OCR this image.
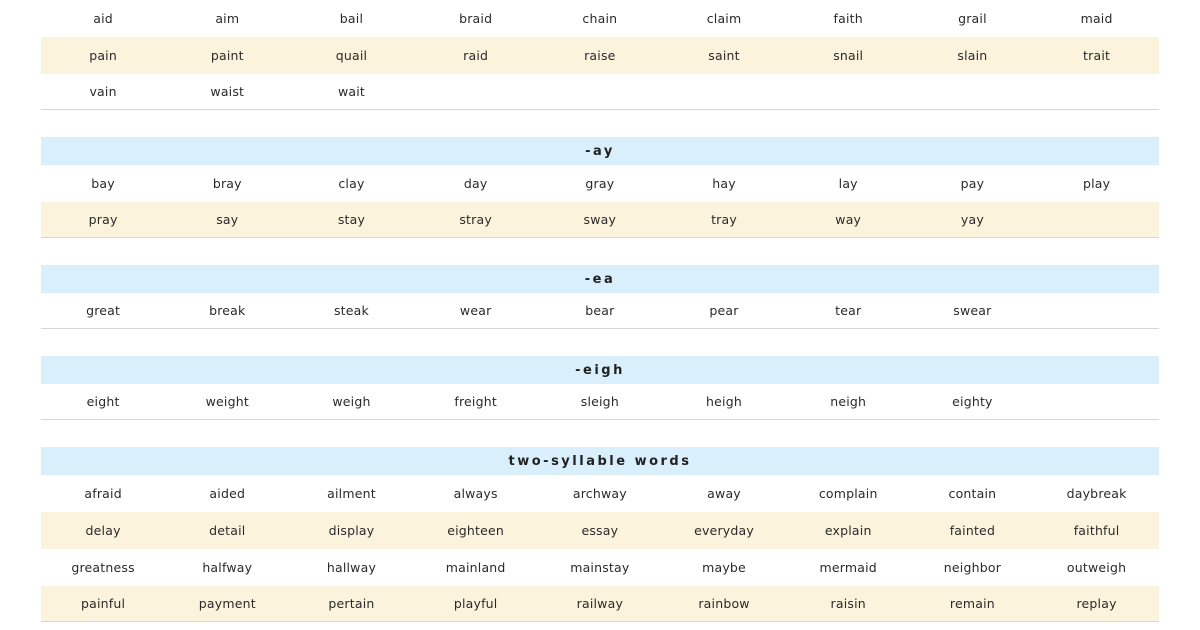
aid	aim	bail	braid	chain	claim	faith	grail	maid
pain	paint	quail	raid	raise	saint	snail	slain	trait
vain	waist	wait
-ay
bay	bray	clay	day	gray	hay	lay	pay	play
pray	say	stay	stray	sway	tray	way	yay
-ea
great	break	steak	wear	bear	pear	tear	swear
-eigh
eight	weight	weigh	freight	sleigh	heigh	neigh	eighty
two-syllable words
afraid	aided	ailment	always	archway	away	complain	contain	daybreak
delay	detail	display	eighteen	essay	everyday	explain	fainted	faithful
greatness	halfway	hallway	mainland	mainstay	maybe	mermaid	neighbor	outweigh
painful	payment	pertain	playful	railway	rainbow	raisin	remain	replay
